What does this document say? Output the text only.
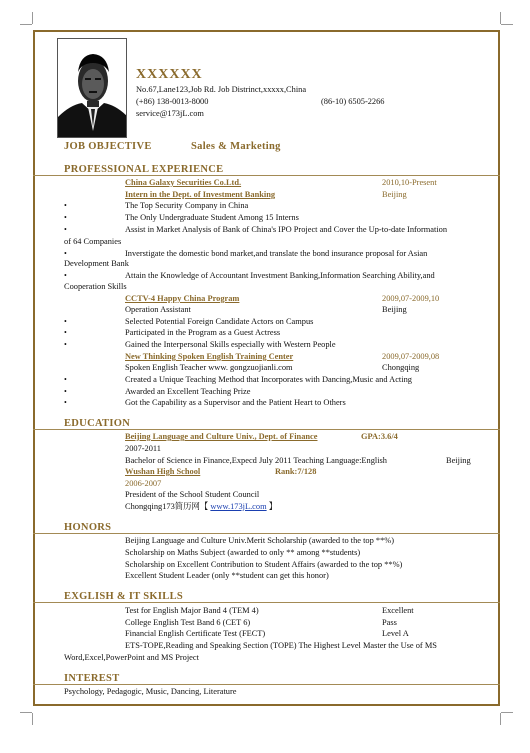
XXXXXX
No.67,Lane123,Job Rd. Job Distrinct,xxxxx,China
(+86) 138-0013-8000	(86-10) 6505-2266
service@173jL.com
JOB OBJECTIVE	Sales & Marketing
PROFESSIONAL EXPERIENCE
China Galaxy Securities Co.Ltd.	2010,10-Present
Intern in the Dept. of Investment Banking	Beijing
•	The Top Security Company in China
•	The Only Undergraduate Student Among 15 Interns
•	Assist in Market Analysis of Bank of China's IPO Project and Cover the Up-to-date Information
of 64 Companies
•	Inverstigate the domestic bond market,and translate the bond insurance proposal for Asian
Development Bank
•	Attain the Knowledge of Accountant Investment Banking,Information Searching Ability,and
Cooperation Skills
CCTV-4 Happy China Program	2009,07-2009,10
Operation Assistant	Beijing
•	Selected Potential Foreign Candidate Actors on Campus
•	Participated in the Program as a Guest Actress
•	Gained the Interpersonal Skills especially with Western People
New Thinking Spoken English Training Center	2009,07-2009,08
Spoken English Teacher www. gongzuojianli.com	Chongqing
•	Created a Unique Teaching Method that Incorporates with Dancing,Music and Acting
•	Awarded an Excellent Teaching Prize
•	Got the Capability as a Supervisor and the Patient Heart to Others
EDUCATION
Beijing Language and Culture Univ., Dept. of Finance	GPA:3.6/4
2007-2011
Bachelor of Science in Finance,Expecd July 2011 Teaching Language:English	Beijing
Wushan High School	Rank:7/128
2006-2007
President of the School Student Council
Chongqing173简历网【 www.173jL.com 】
HONORS
Beijing Language and Culture Univ.Merit Scholarship (awarded to the top **%)
Scholarship on Maths Subject (awarded to only ** among **students)
Scholarship on Excellent Contribution to Student Affairs (awarded to the top **%)
Excellent Student Leader (only **student can get this honor)
EXGLISH & IT SKILLS
Test for English Major Band 4 (TEM 4)	Excellent
College English Test Band 6 (CET 6)	Pass
Financial English Certificate Test (FECT)	Level A
ETS-TOPE,Reading and Speaking Section (TOPE) The Highest Level Master the Use of MS
Word,Excel,PowerPoint and MS Project
INTEREST
Psychology, Pedagogic, Music, Dancing, Literature
